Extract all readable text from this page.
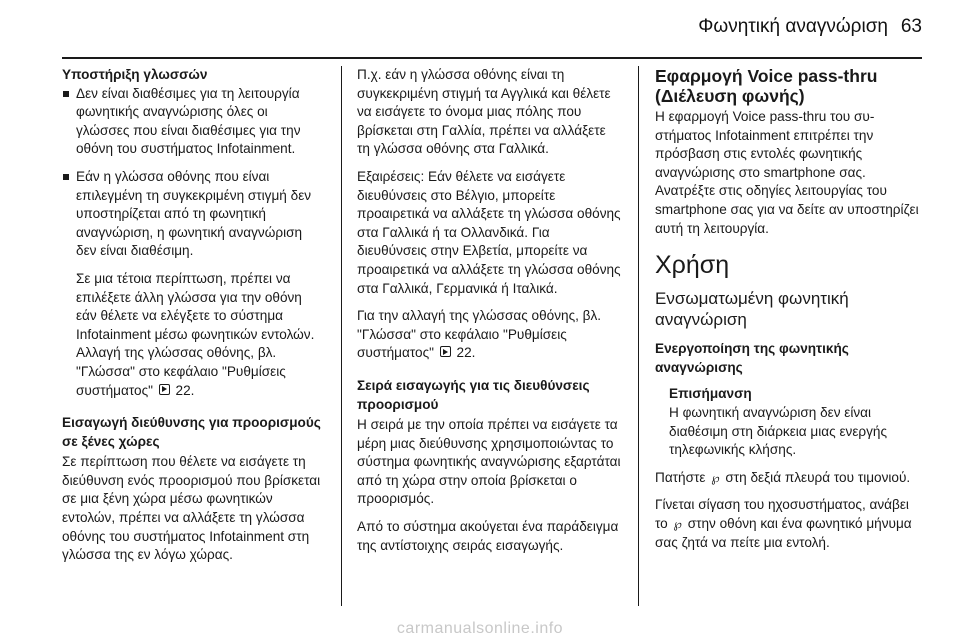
Φωνητική αναγνώριση 63
Υποστήριξη γλωσσών
Δεν είναι διαθέσιμες για τη λειτουργία φωνητικής αναγνώρισης όλες οι γλώσσες που είναι διαθέσιμες για την οθόνη του συστήματος Infotainment.
Εάν η γλώσσα οθόνης που είναι επιλεγμένη τη συγκεκριμένη στιγμή δεν υποστηρίζεται από τη φωνητική αναγνώριση, η φωνητική αναγνώριση δεν είναι διαθέσιμη.

Σε μια τέτοια περίπτωση, πρέπει να επιλέξετε άλλη γλώσσα για την οθόνη εάν θέλετε να ελέγξετε το σύστημα Infotainment μέσω φωνητικών εντολών. Αλλαγή της γλώσσας οθόνης, βλ. "Γλώσσα" στο κεφάλαιο "Ρυθμίσεις συστήματος" 22.

Εισαγωγή διεύθυνσης για προορισμούς σε ξένες χώρες

Σε περίπτωση που θέλετε να εισάγετε τη διεύθυνση ενός προορισμού που βρίσκεται σε μια ξένη χώρα μέσω φωνητικών εντολών, πρέπει να αλλάξετε τη γλώσσα οθόνης του συστήματος Infotainment στη γλώσσα της εν λόγω χώρας.

Π.χ. εάν η γλώσσα οθόνης είναι τη συγκεκριμένη στιγμή τα Αγγλικά και θέλετε να εισάγετε το όνομα μιας πόλης που βρίσκεται στη Γαλλία, πρέπει να αλλάξετε τη γλώσσα οθόνης στα Γαλλικά.

Εξαιρέσεις: Εάν θέλετε να εισάγετε διευθύνσεις στο Βέλγιο, μπορείτε προαιρετικά να αλλάξετε τη γλώσσα οθόνης στα Γαλλικά ή τα Ολλανδικά. Για διευθύνσεις στην Ελβετία, μπορείτε να προαιρετικά να αλλάξετε τη γλώσσα οθόνης στα Γαλλικά, Γερμανικά ή Ιταλικά.

Για την αλλαγή της γλώσσας οθόνης, βλ. "Γλώσσα" στο κεφάλαιο "Ρυθμίσεις συστήματος" 22.

Σειρά εισαγωγής για τις διευθύνσεις προορισμού

Η σειρά με την οποία πρέπει να εισάγετε τα μέρη μιας διεύθυνσης χρησιμοποιώντας το σύστημα φωνητικής αναγνώρισης εξαρτάται από τη χώρα στην οποία βρίσκεται ο προορισμός.

Από το σύστημα ακούγεται ένα παράδειγμα της αντίστοιχης σειράς εισαγωγής.

Εφαρμογή Voice pass-thru (Διέλευση φωνής)

Η εφαρμογή Voice pass-thru του συστήματος Infotainment επιτρέπει την πρόσβαση στις εντολές φωνητικής αναγνώρισης στο smartphone σας. Ανατρέξτε στις οδηγίες λειτουργίας του smartphone σας για να δείτε αν υποστηρίζει αυτή τη λειτουργία.

Χρήση
Ενσωματωμένη φωνητική αναγνώριση
Ενεργοποίηση της φωνητικής αναγνώρισης
Επισήμανση
Η φωνητική αναγνώριση δεν είναι διαθέσιμη στη διάρκεια μιας ενεργής τηλεφωνικής κλήσης.

Πατήστε ℘ στη δεξιά πλευρά του τιμονιού.

Γίνεται σίγαση του ηχοσυστήματος, ανάβει το ℘ στην οθόνη και ένα φωνητικό μήνυμα σας ζητά να πείτε μια εντολή.

carmanualsonline.info
